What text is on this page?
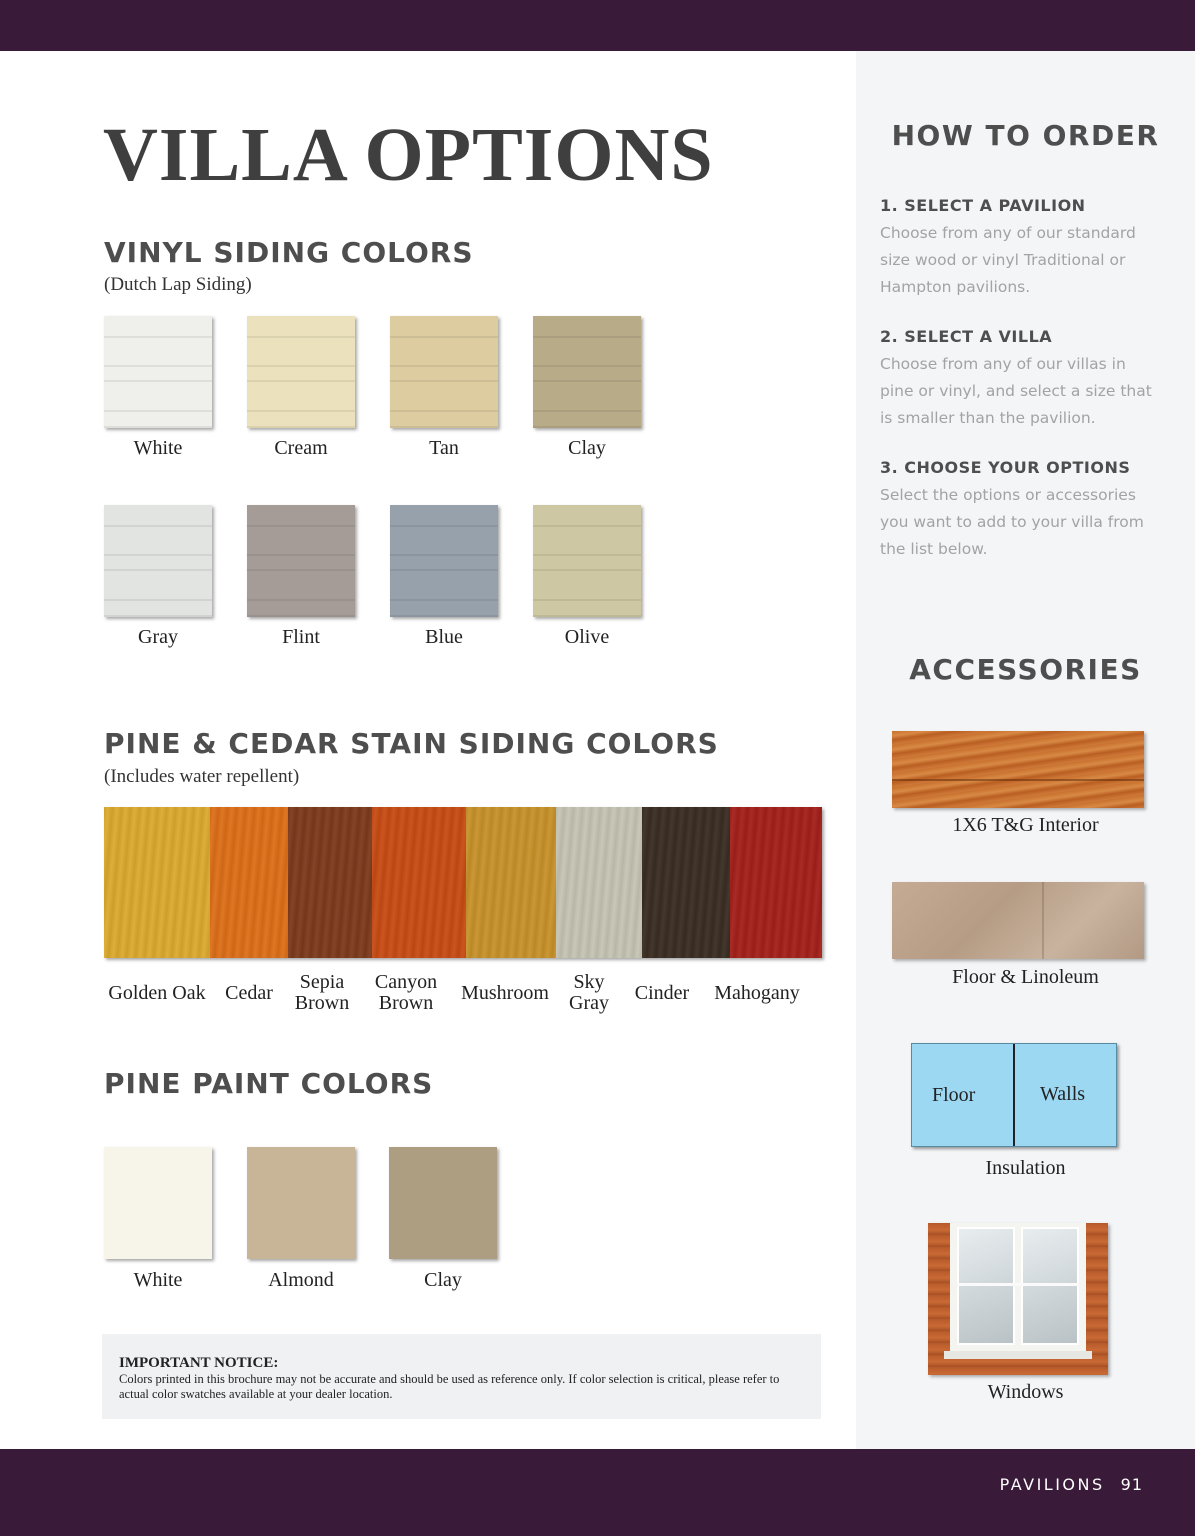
VILLA OPTIONS
VINYL SIDING COLORS
(Dutch Lap Siding)
White	Cream	Tan	Clay
Gray	Flint	Blue	Olive
PINE & CEDAR STAIN SIDING COLORS
(Includes water repellent)
Golden Oak Cedar	Sepia
Brown
Canyon
Brown	Mushroom	Sky
Gray	Cinder	Mahogany
PINE PAINT COLORS
White	Almond	Clay
IMPORTANT NOTICE:
Colors printed in this brochure may not be accurate and should be used as reference only. If color selection is critical, please refer to actual color swatches available at your dealer location.
HOW TO ORDER
1. SELECT A PAVILION
Choose from any of our standard size wood or vinyl Traditional or Hampton pavilions.
2. SELECT A VILLA
Choose from any of our villas in pine or vinyl, and select a size that is smaller than the pavilion.
3. CHOOSE YOUR OPTIONS
Select the options or accessories you want to add to your villa from the list below.
ACCESSORIES
1X6 T&G Interior
Floor & Linoleum
Floor	Walls
Insulation
Windows
PAVILIONS 91
